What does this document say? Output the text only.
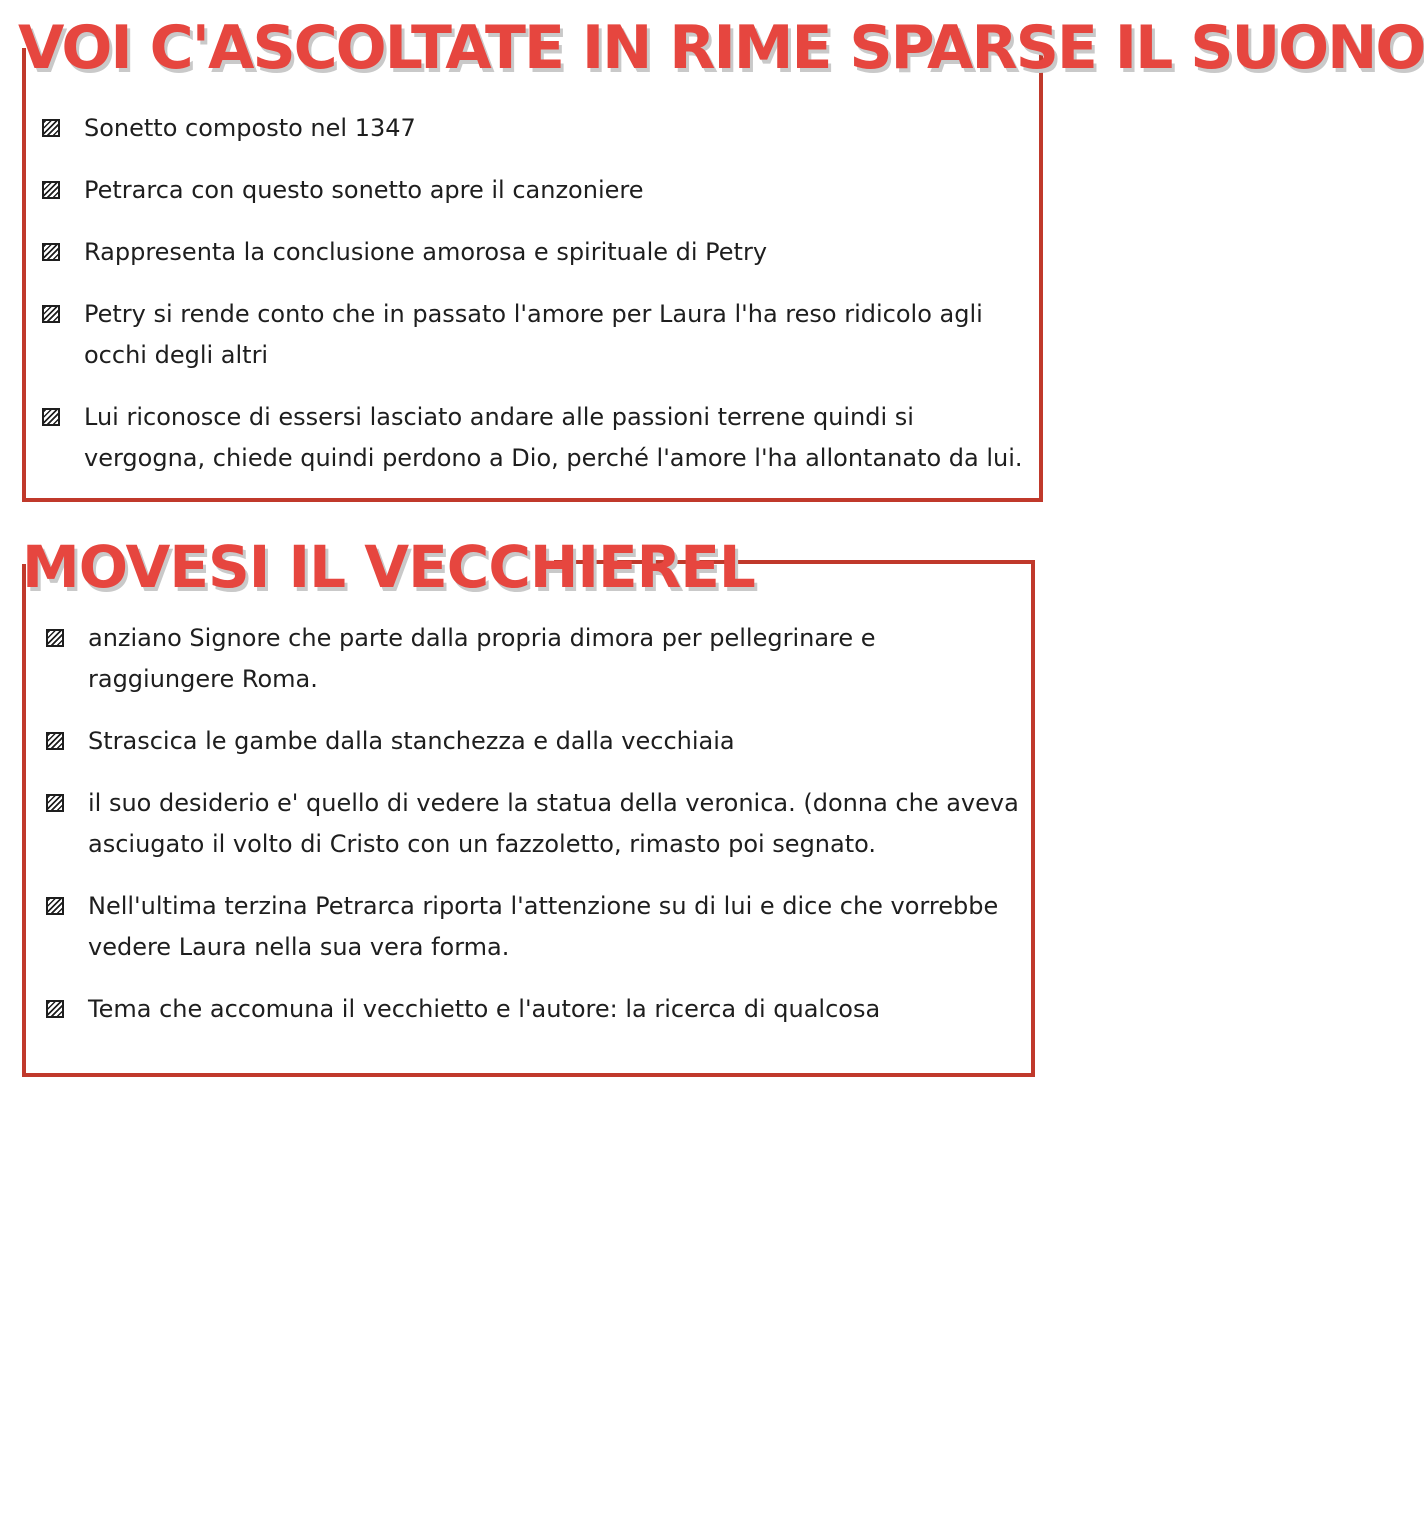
VOI C'ASCOLTATE IN RIME SPARSE IL SUONO
Sonetto composto nel 1347
Petrarca con questo sonetto apre il canzoniere
Rappresenta la conclusione amorosa e spirituale di Petry
Petry si rende conto che in passato l'amore per Laura l'ha reso ridicolo agli occhi degli altri
Lui riconosce di essersi lasciato andare alle passioni terrene quindi si vergogna, chiede quindi perdono a Dio, perché l'amore l'ha allontanato da lui.
MOVESI IL VECCHIEREL
anziano Signore che parte dalla propria dimora per pellegrinare e raggiungere Roma.
Strascica le gambe dalla stanchezza e dalla vecchiaia
il suo desiderio e' quello di vedere la statua della veronica. (donna che aveva asciugato il volto di Cristo con un fazzoletto, rimasto poi segnato.
Nell'ultima terzina Petrarca riporta l'attenzione su di lui e dice che vorrebbe vedere Laura nella sua vera forma.
Tema che accomuna il vecchietto e l'autore: la ricerca di qualcosa
